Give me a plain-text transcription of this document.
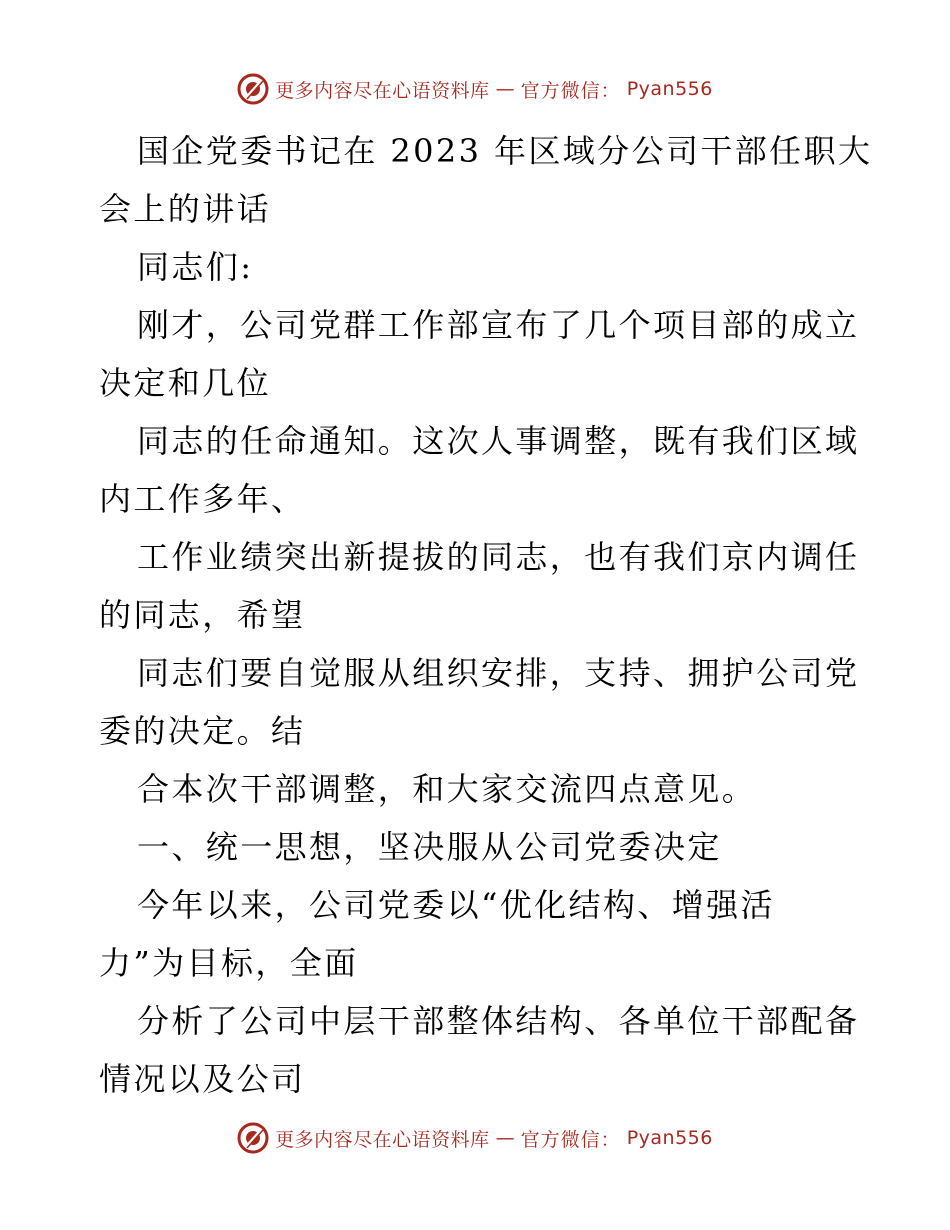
更多内容尽在心语资料库 — 官方微信： Pyan556
国企党委书记在 2023 年区域分公司干部任职大
会上的讲话
同志们:
刚才，公司党群工作部宣布了几个项目部的成立
决定和几位
同志的任命通知。这次人事调整，既有我们区域
内工作多年、
工作业绩突出新提拔的同志，也有我们京内调任
的同志，希望
同志们要自觉服从组织安排，支持、拥护公司党
委的决定。结
合本次干部调整，和大家交流四点意见。
一、统一思想，坚决服从公司党委决定
今年以来，公司党委以“优化结构、增强活
力”为目标，全面
分析了公司中层干部整体结构、各单位干部配备
情况以及公司
更多内容尽在心语资料库 — 官方微信： Pyan556
